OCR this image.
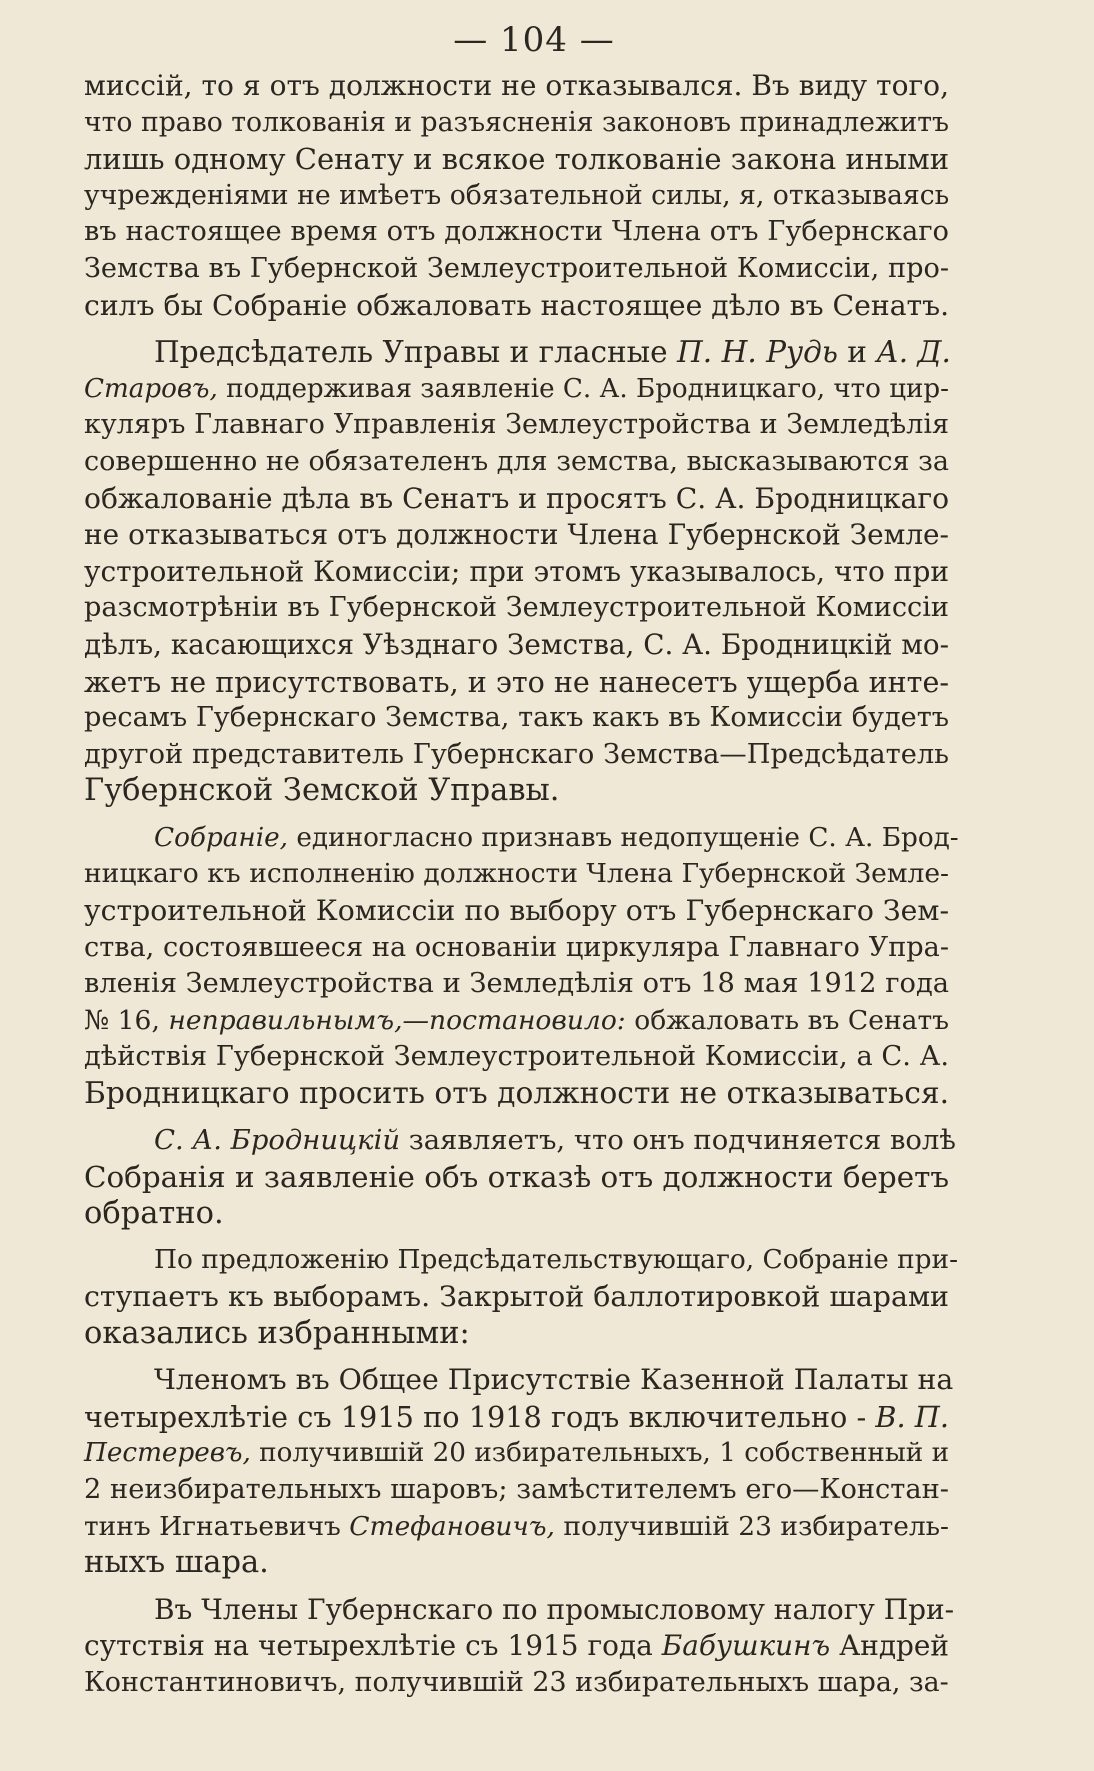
— 104 —
миссій, то я отъ должности не отказывался. Въ виду того,
что право толкованія и разъясненія законовъ принадлежитъ
лишь одному Сенату и всякое толкованіе закона иными
учрежденіями не имѣетъ обязательной силы, я, отказываясь
въ настоящее время отъ должности Члена отъ Губернскаго
Земства въ Губернской Землеустроительной Комиссіи, про-
силъ бы Собраніе обжаловать настоящее дѣло въ Сенатъ.
Предсѣдатель Управы и гласные П. Н. Рудь и А. Д.
Старовъ, поддерживая заявленіе С. А. Бродницкаго, что цир-
куляръ Главнаго Управленія Землеустройства и Земледѣлія
совершенно не обязателенъ для земства, высказываются за
обжалованіе дѣла въ Сенатъ и просятъ С. А. Бродницкаго
не отказываться отъ должности Члена Губернской Земле-
устроительной Комиссіи; при этомъ указывалось, что при
разсмотрѣніи въ Губернской Землеустроительной Комиссіи
дѣлъ, касающихся Уѣзднаго Земства, С. А. Бродницкій мо-
жетъ не присутствовать, и это не нанесетъ ущерба инте-
ресамъ Губернскаго Земства, такъ какъ въ Комиссіи будетъ
другой представитель Губернскаго Земства—Предсѣдатель
Губернской Земской Управы.
Собраніе, единогласно признавъ недопущеніе С. А. Брод-
ницкаго къ исполненію должности Члена Губернской Земле-
устроительной Комиссіи по выбору отъ Губернскаго Зем-
ства, состоявшееся на основаніи циркуляра Главнаго Упра-
вленія Землеустройства и Земледѣлія отъ 18 мая 1912 года
№ 16, неправильнымъ,—постановило: обжаловать въ Сенатъ
дѣйствія Губернской Землеустроительной Комиссіи, а С. А.
Бродницкаго просить отъ должности не отказываться.
С. А. Бродницкій заявляетъ, что онъ подчиняется волѣ
Собранія и заявленіе объ отказѣ отъ должности беретъ
обратно.
По предложенію Предсѣдательствующаго, Собраніе при-
ступаетъ къ выборамъ. Закрытой баллотировкой шарами
оказались избранными:
Членомъ въ Общее Присутствіе Казенной Палаты на
четырехлѣтіе съ 1915 по 1918 годъ включительно - В. П.
Пестеревъ, получившій 20 избирательныхъ, 1 собственный и
2 неизбирательныхъ шаровъ; замѣстителемъ его—Констан-
тинъ Игнатьевичъ Стефановичъ, получившій 23 избиратель-
ныхъ шара.
Въ Члены Губернскаго по промысловому налогу При-
сутствія на четырехлѣтіе съ 1915 года Бабушкинъ Андрей
Константиновичъ, получившій 23 избирательныхъ шара, за-
